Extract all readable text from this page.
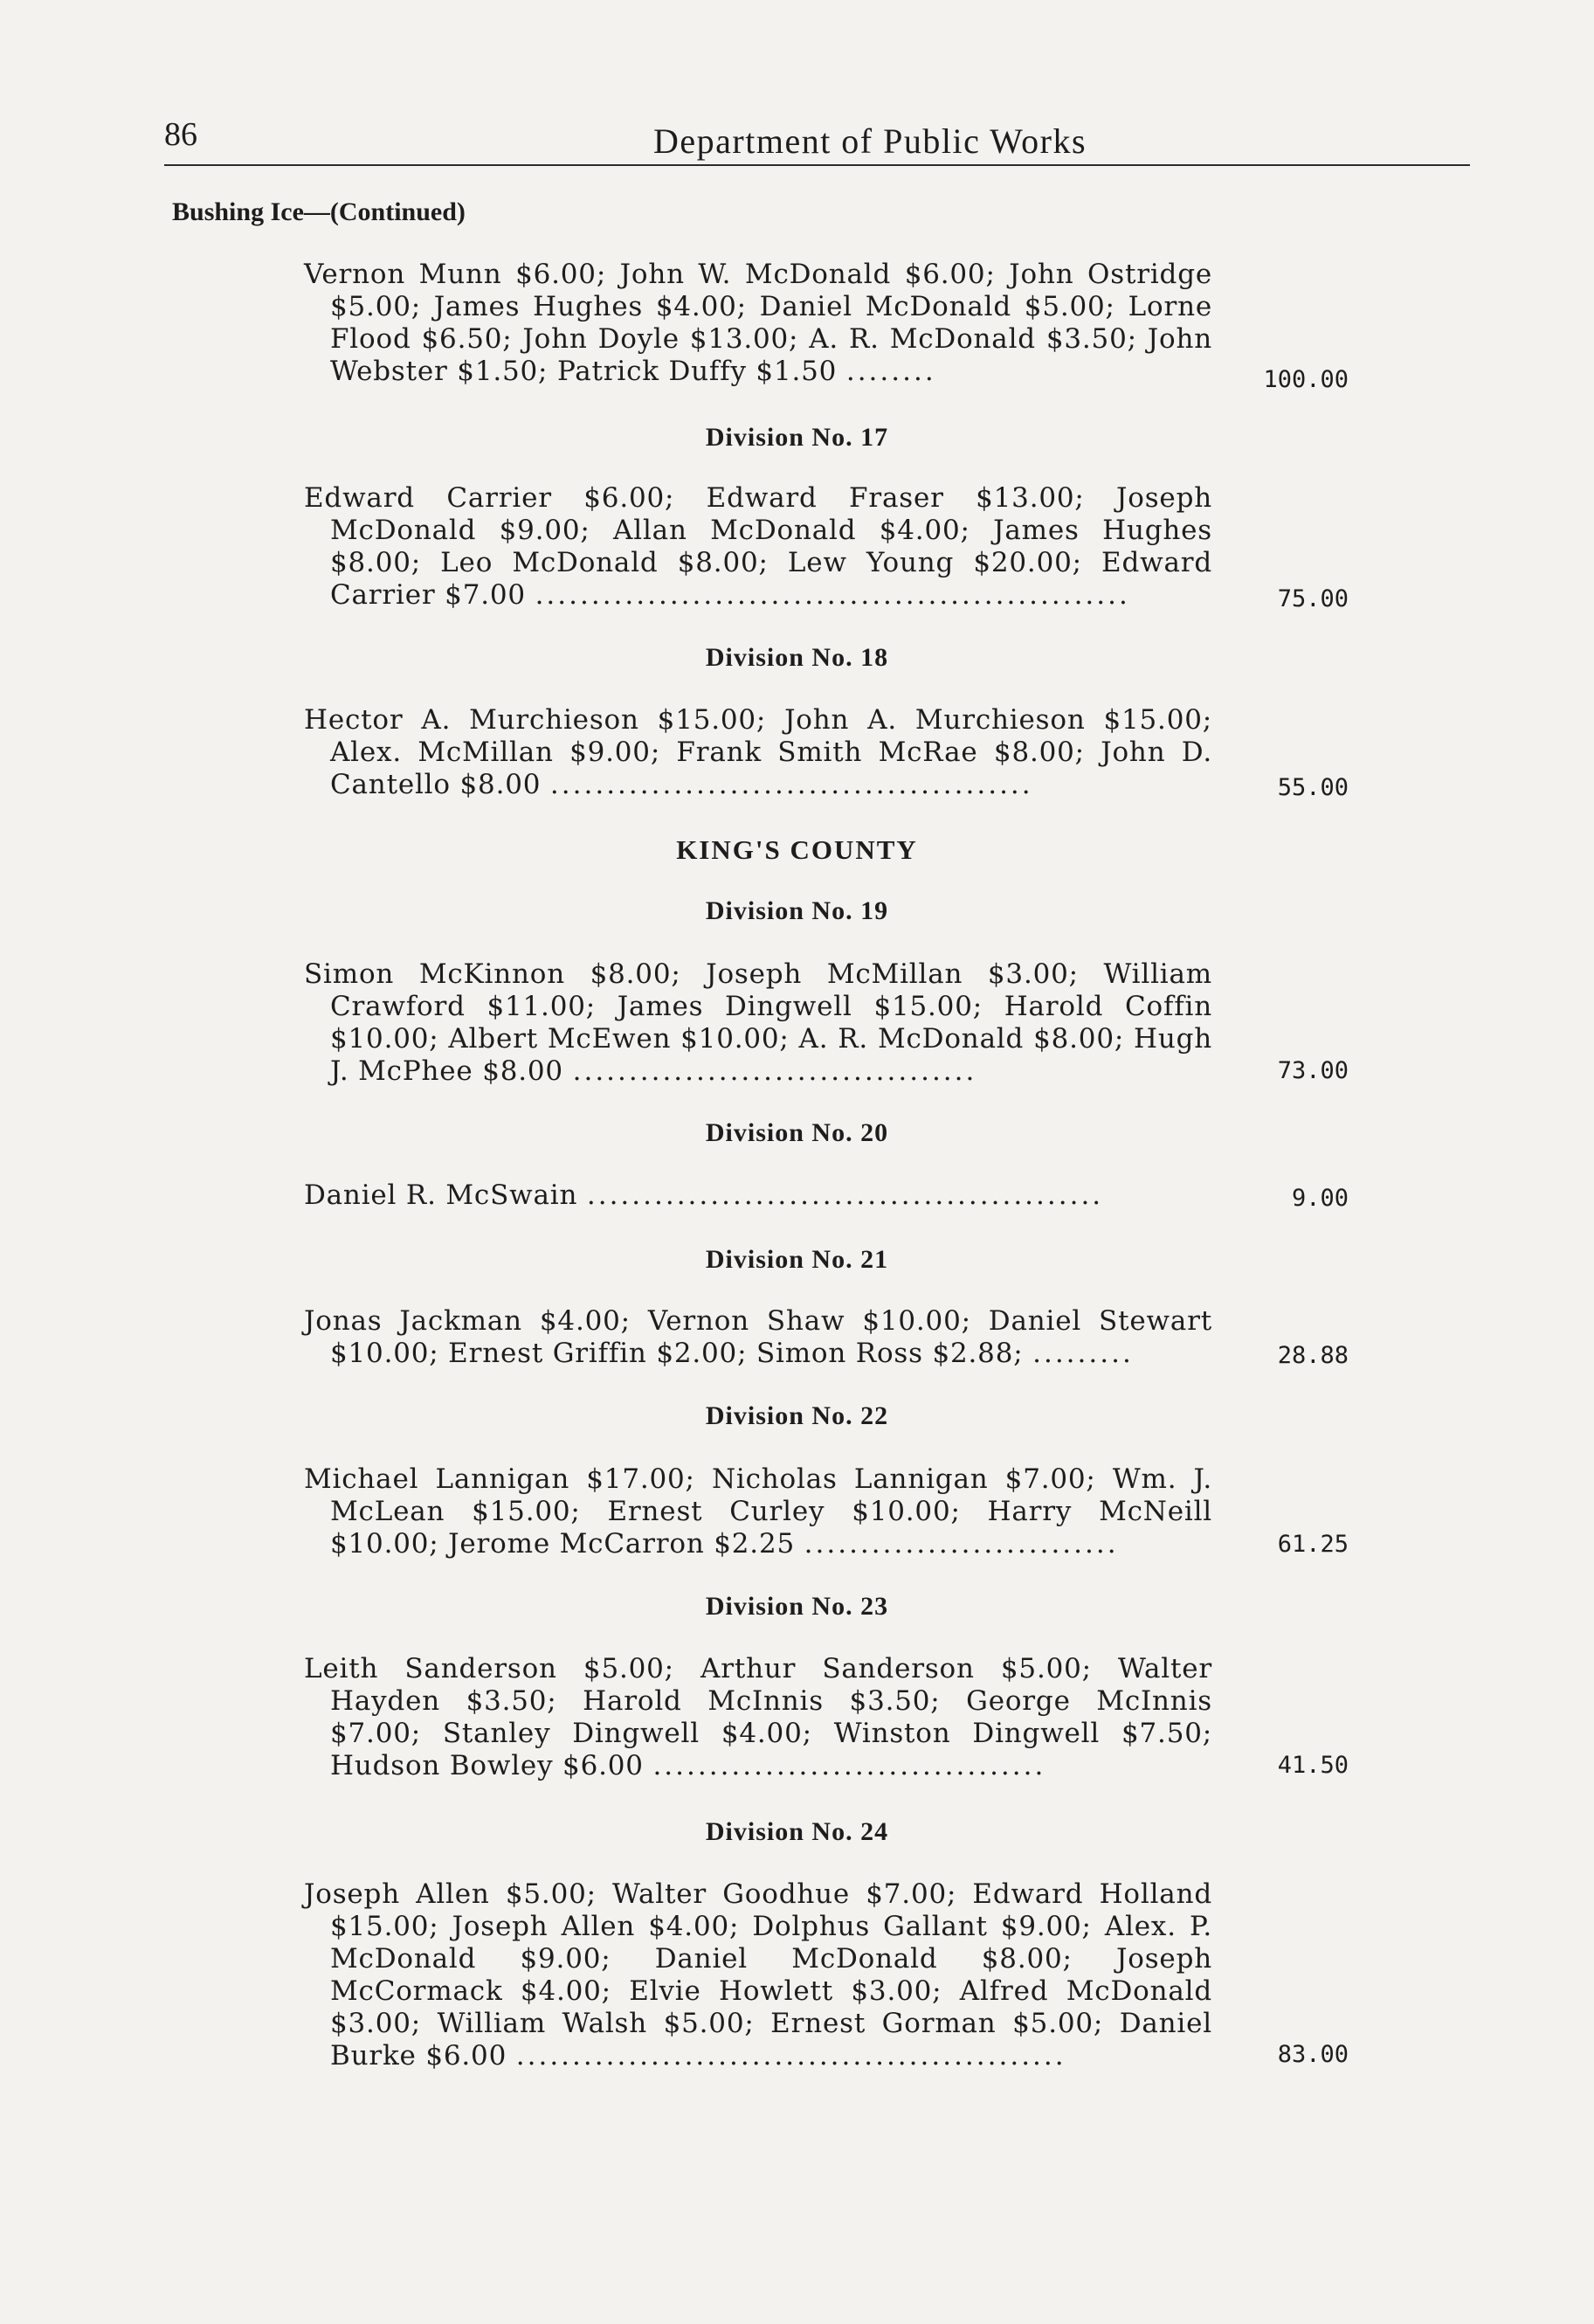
86	Department of Public Works
Bushing Ice—(Continued)
Vernon Munn $6.00; John W. McDonald $6.00; John Ostridge $5.00; James Hughes $4.00; Daniel McDonald $5.00; Lorne Flood $6.50; John Doyle $13.00; A. R. McDonald $3.50; John Webster $1.50; Patrick Duffy $1.50 ........	100.00
Division No. 17
Edward Carrier $6.00; Edward Fraser $13.00; Joseph McDonald $9.00; Allan McDonald $4.00; James Hughes $8.00; Leo McDonald $8.00; Lew Young $20.00; Edward Carrier $7.00 .....................................................	75.00
Division No. 18
Hector A. Murchieson $15.00; John A. Murchieson $15.00; Alex. McMillan $9.00; Frank Smith McRae $8.00; John D. Cantello $8.00 ...........................................	55.00
KING'S COUNTY
Division No. 19
Simon McKinnon $8.00; Joseph McMillan $3.00; William Crawford $11.00; James Dingwell $15.00; Harold Coffin $10.00; Albert McEwen $10.00; A. R. McDonald $8.00; Hugh J. McPhee $8.00 ....................................	73.00
Division No. 20
Daniel R. McSwain ..............................................	9.00
Division No. 21
Jonas Jackman $4.00; Vernon Shaw $10.00; Daniel Stewart $10.00; Ernest Griffin $2.00; Simon Ross $2.88; .........	28.88
Division No. 22
Michael Lannigan $17.00; Nicholas Lannigan $7.00; Wm. J. McLean $15.00; Ernest Curley $10.00; Harry McNeill $10.00; Jerome McCarron $2.25 ............................	61.25
Division No. 23
Leith Sanderson $5.00; Arthur Sanderson $5.00; Walter Hayden $3.50; Harold McInnis $3.50; George McInnis $7.00; Stanley Dingwell $4.00; Winston Dingwell $7.50; Hudson Bowley $6.00 ...................................	41.50
Division No. 24
Joseph Allen $5.00; Walter Goodhue $7.00; Edward Holland $15.00; Joseph Allen $4.00; Dolphus Gallant $9.00; Alex. P. McDonald $9.00; Daniel McDonald $8.00; Joseph McCormack $4.00; Elvie Howlett $3.00; Alfred McDonald $3.00; William Walsh $5.00; Ernest Gorman $5.00; Daniel Burke $6.00 .................................................	83.00
